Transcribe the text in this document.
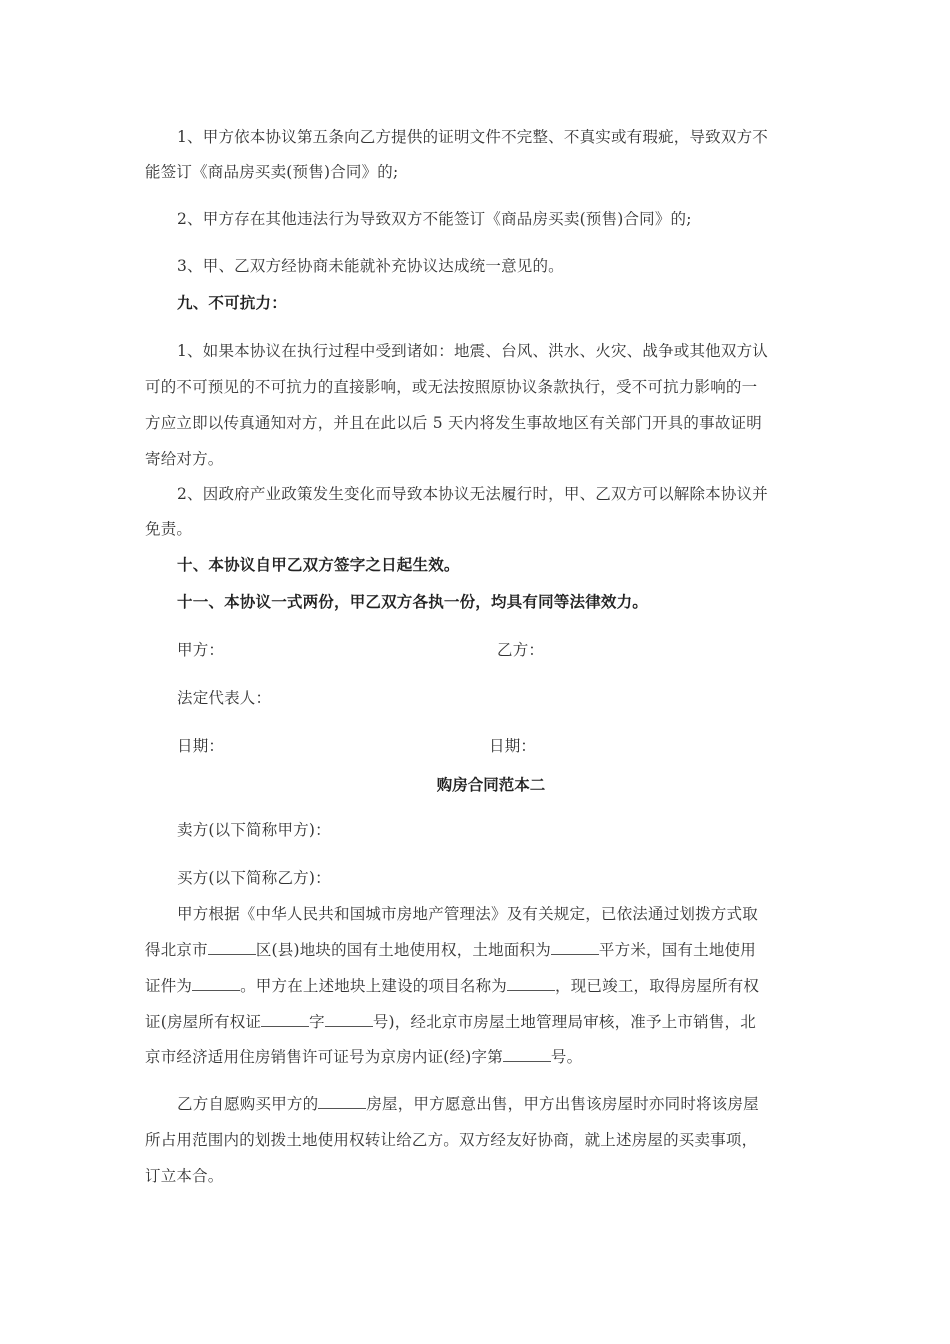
1、甲方依本协议第五条向乙方提供的证明文件不完整、不真实或有瑕疵，导致双方不
能签订《商品房买卖(预售)合同》的;
2、甲方存在其他违法行为导致双方不能签订《商品房买卖(预售)合同》的;
3、甲、乙双方经协商未能就补充协议达成统一意见的。
九、不可抗力：
1、如果本协议在执行过程中受到诸如：地震、台风、洪水、火灾、战争或其他双方认
可的不可预见的不可抗力的直接影响，或无法按照原协议条款执行，受不可抗力影响的一
方应立即以传真通知对方，并且在此以后 5 天内将发生事故地区有关部门开具的事故证明
寄给对方。
2、因政府产业政策发生变化而导致本协议无法履行时，甲、乙双方可以解除本协议并
免责。
十、本协议自甲乙双方签字之日起生效。
十一、本协议一式两份，甲乙双方各执一份，均具有同等法律效力。
甲方：	乙方：
法定代表人：
日期：	日期：
购房合同范本二
卖方(以下简称甲方)：
买方(以下简称乙方)：
甲方根据《中华人民共和国城市房地产管理法》及有关规定，已依法通过划拨方式取
得北京市	区(县)地块的国有土地使用权，土地面积为	平方米，国有土地使用
证件为	。甲方在上述地块上建设的项目名称为	，现已竣工，取得房屋所有权
证(房屋所有权证	字	号)，经北京市房屋土地管理局审核，准予上市销售，北
京市经济适用住房销售许可证号为京房内证(经)字第	号。
乙方自愿购买甲方的	房屋，甲方愿意出售，甲方出售该房屋时亦同时将该房屋
所占用范围内的划拨土地使用权转让给乙方。双方经友好协商，就上述房屋的买卖事项，
订立本合。
